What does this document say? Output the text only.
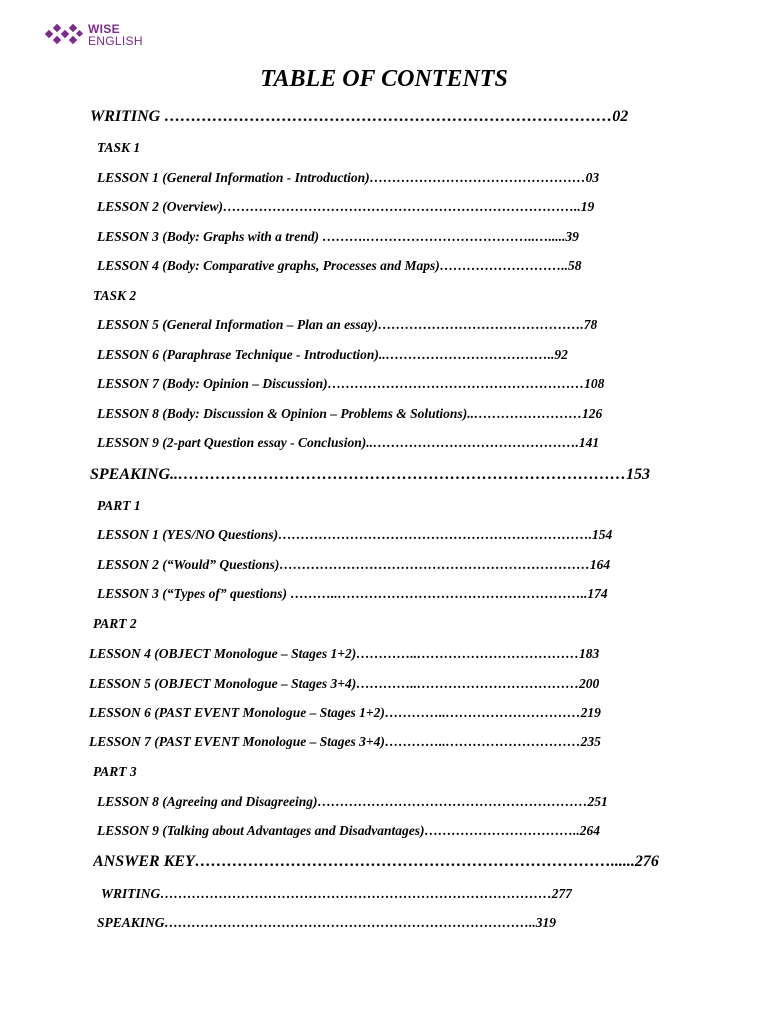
WISE
ENGLISH
TABLE OF CONTENTS
WRITING …………………………………………………………………………02
TASK 1
LESSON 1 (General Information - Introduction)…………………………………………03
LESSON 2 (Overview)……………………………………………………………………..19
LESSON 3 (Body: Graphs with a trend) ……….………………………………..….....39
LESSON 4 (Body: Comparative graphs, Processes and Maps)………………………..58
TASK 2
LESSON 5 (General Information – Plan an essay)……………………………………….78
LESSON 6 (Paraphrase Technique - Introduction)..………………………………..92
LESSON 7 (Body: Opinion – Discussion)…………………………………………………108
LESSON 8 (Body: Discussion & Opinion – Problems & Solutions)..……………………126
LESSON 9 (2-part Question essay - Conclusion)..……………………………………….141
SPEAKING..…………………………………………………………………………153
PART 1
LESSON 1 (YES/NO Questions)…………………………………………………………….154
LESSON 2 (“Would” Questions)……………………………………………………………164
LESSON 3 (“Types of” questions) ………..………………………………………………..174
PART 2
LESSON 4 (OBJECT Monologue – Stages 1+2)…………..………………………………183
LESSON 5 (OBJECT Monologue – Stages 3+4)…………..………………………………200
LESSON 6 (PAST EVENT Monologue – Stages 1+2)…………..…………………………219
LESSON 7 (PAST EVENT Monologue – Stages 3+4)…………..…………………………235
PART 3
LESSON 8 (Agreeing and Disagreeing)……………………………………………………251
LESSON 9 (Talking about Advantages and Disadvantages)……………………………..264
ANSWER KEY……………………………………………………………………......276
WRITING……………………………………………………………………………277
SPEAKING………………………………………………………………………..319
